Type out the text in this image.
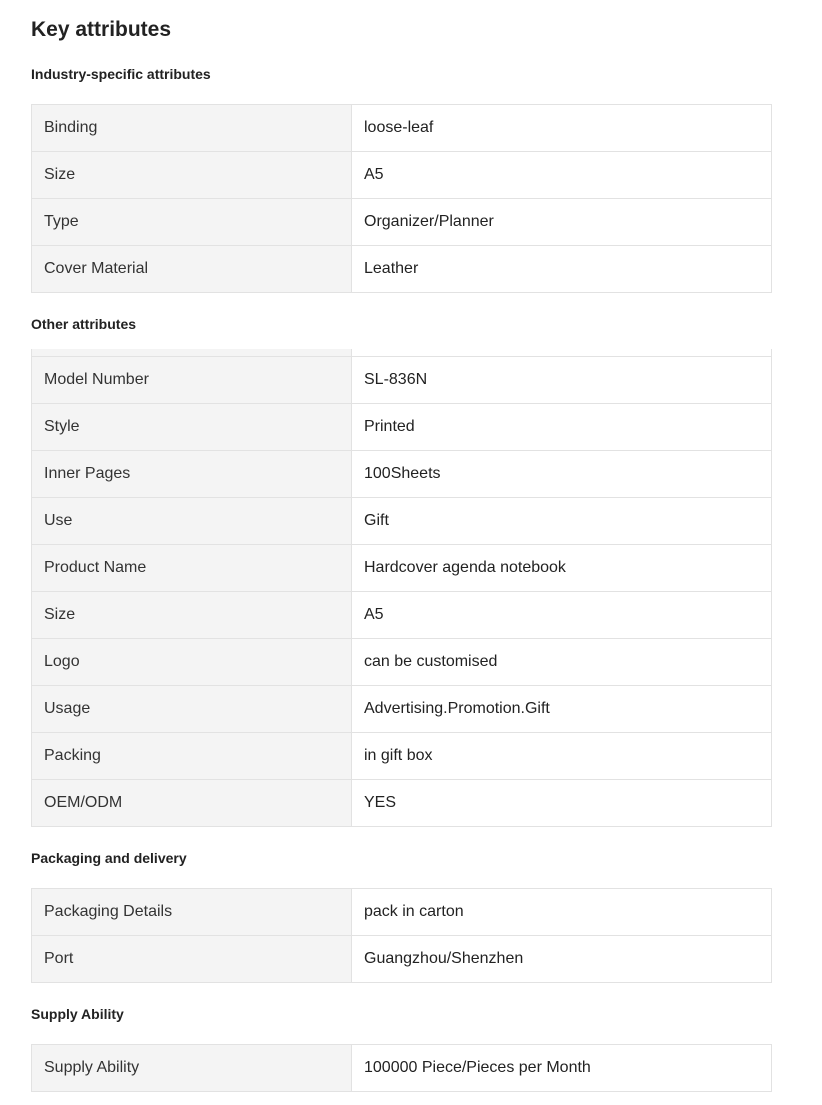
Key attributes
Industry-specific attributes
Binding	loose-leaf
Size	A5
Type	Organizer/Planner
Cover Material	Leather
Other attributes

Model Number	SL-836N
Style	Printed
Inner Pages	100Sheets
Use	Gift
Product Name	Hardcover agenda notebook
Size	A5
Logo	can be customised
Usage	Advertising.Promotion.Gift
Packing	in gift box
OEM/ODM	YES
Packaging and delivery
Packaging Details	pack in carton
Port	Guangzhou/Shenzhen
Supply Ability
Supply Ability	100000 Piece/Pieces per Month
